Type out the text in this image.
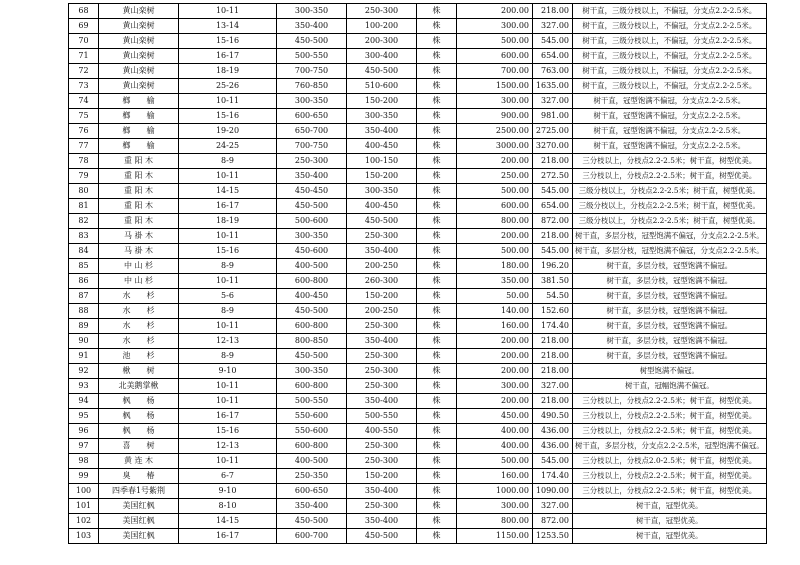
68	黄山栾树	10-11	300-350	250-300	株	200.00	218.00	树干直，三级分枝以上，不偏冠，分支点2.2-2.5米。
69	黄山栾树	13-14	350-400	100-200	株	300.00	327.00	树干直，三级分枝以上，不偏冠，分支点2.2-2.5米。
70	黄山栾树	15-16	450-500	200-300	株	500.00	545.00	树干直，三级分枝以上，不偏冠，分支点2.2-2.5米。
71	黄山栾树	16-17	500-550	300-400	株	600.00	654.00	树干直，三级分枝以上，不偏冠，分支点2.2-2.5米。
72	黄山栾树	18-19	700-750	450-500	株	700.00	763.00	树干直，三级分枝以上，不偏冠，分支点2.2-2.5米。
73	黄山栾树	25-26	760-850	510-600	株	1500.00	1635.00	树干直，三级分枝以上，不偏冠，分支点2.2-2.5米。
74	榔　　榆	10-11	300-350	150-200	株	300.00	327.00	树干直，冠型饱满不偏冠，分支点2.2-2.5米。
75	榔　　榆	15-16	600-650	300-350	株	900.00	981.00	树干直，冠型饱满不偏冠，分支点2.2-2.5米。
76	榔　　榆	19-20	650-700	350-400	株	2500.00	2725.00	树干直，冠型饱满不偏冠，分支点2.2-2.5米。
77	榔　　榆	24-25	700-750	400-450	株	3000.00	3270.00	树干直，冠型饱满不偏冠，分支点2.2-2.5米。
78	重 阳 木	8-9	250-300	100-150	株	200.00	218.00	三分枝以上，分枝点2.2-2.5米；树干直，树型优美。
79	重 阳 木	10-11	350-400	150-200	株	250.00	272.50	三分枝以上，分枝点2.2-2.5米；树干直，树型优美。
80	重 阳 木	14-15	450-450	300-350	株	500.00	545.00	三级分枝以上，分枝点2.2-2.5米；树干直，树型优美。
81	重 阳 木	16-17	450-500	400-450	株	600.00	654.00	三级分枝以上，分枝点2.2-2.5米；树干直，树型优美。
82	重 阳 木	18-19	500-600	450-500	株	800.00	872.00	三级分枝以上，分枝点2.2-2.5米；树干直，树型优美。
83	马 褂 木	10-11	300-350	250-300	株	200.00	218.00	树干直，多层分枝，冠型饱满不偏冠，分支点2.2-2.5米。
84	马 褂 木	15-16	450-600	350-400	株	500.00	545.00	树干直，多层分枝，冠型饱满不偏冠，分支点2.2-2.5米。
85	中 山 杉	8-9	400-500	200-250	株	180.00	196.20	树干直，多层分枝，冠型饱满不偏冠。
86	中 山 杉	10-11	600-800	260-300	株	350.00	381.50	树干直，多层分枝，冠型饱满不偏冠。
87	水　　杉	5-6	400-450	150-200	株	50.00	54.50	树干直，多层分枝，冠型饱满不偏冠。
88	水　　杉	8-9	450-500	200-250	株	140.00	152.60	树干直，多层分枝，冠型饱满不偏冠。
89	水　　杉	10-11	600-800	250-300	株	160.00	174.40	树干直，多层分枝，冠型饱满不偏冠。
90	水　　杉	12-13	800-850	350-400	株	200.00	218.00	树干直，多层分枝，冠型饱满不偏冠。
91	池　　杉	8-9	450-500	250-300	株	200.00	218.00	树干直，多层分枝，冠型饱满不偏冠。
92	楸　　树	9-10	300-350	250-300	株	200.00	218.00	树型饱满不偏冠。
93	北美鹅掌楸	10-11	600-800	250-300	株	300.00	327.00	树干直，冠幅饱满不偏冠。
94	枫　　杨	10-11	500-550	350-400	株	200.00	218.00	三分枝以上，分枝点2.2-2.5米；树干直，树型优美。
95	枫　　杨	16-17	550-600	500-550	株	450.00	490.50	三分枝以上，分枝点2.2-2.5米；树干直，树型优美。
96	枫　　杨	15-16	550-600	400-550	株	400.00	436.00	三分枝以上，分枝点2.2-2.5米；树干直，树型优美。
97	喜　　树	12-13	600-800	250-300	株	400.00	436.00	树干直，多层分枝，分支点2.2-2.5米，冠型饱满不偏冠。
98	黄 连 木	10-11	400-500	250-300	株	500.00	545.00	三分枝以上，分枝点2.0-2.5米；树干直，树型优美。
99	臭　　椿	6-7	250-350	150-200	株	160.00	174.40	三分枝以上，分枝点2.2-2.5米；树干直，树型优美。
100	四季春1号紫荆	9-10	600-650	350-400	株	1000.00	1090.00	三分枝以上，分枝点2.2-2.5米；树干直，树型优美。
101	美国红枫	8-10	350-400	250-300	株	300.00	327.00	树干直，冠型优美。
102	美国红枫	14-15	450-500	350-400	株	800.00	872.00	树干直，冠型优美。
103	美国红枫	16-17	600-700	450-500	株	1150.00	1253.50	树干直，冠型优美。
